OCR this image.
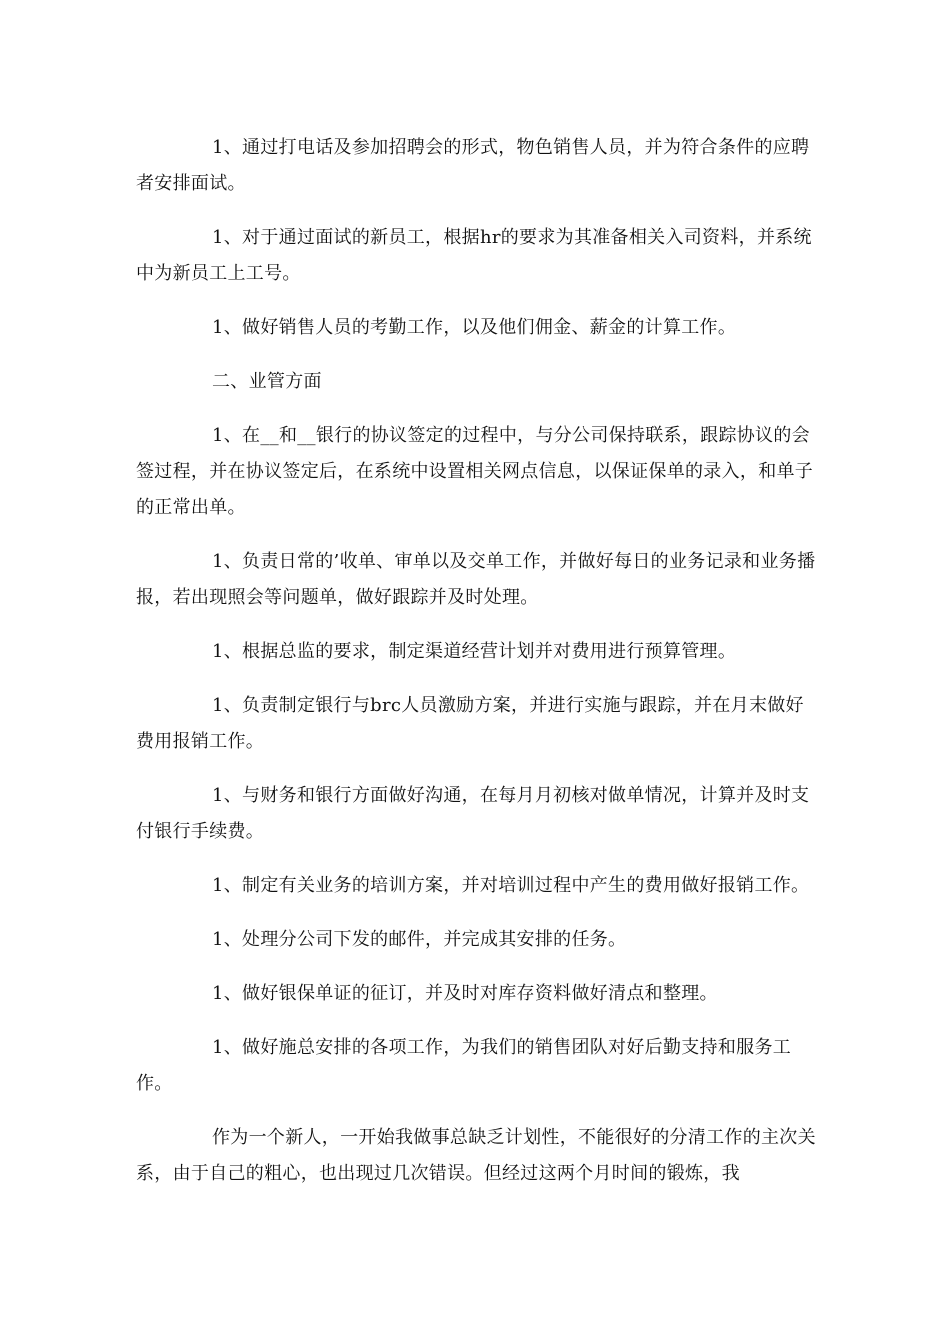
1、通过打电话及参加招聘会的形式，物色销售人员，并为符合条件的应聘者安排面试。

1、对于通过面试的新员工，根据hr的要求为其准备相关入司资料，并系统中为新员工上工号。

1、做好销售人员的考勤工作，以及他们佣金、薪金的计算工作。

二、业管方面

1、在__和__银行的协议签定的过程中，与分公司保持联系，跟踪协议的会签过程，并在协议签定后，在系统中设置相关网点信息，以保证保单的录入，和单子的正常出单。

1、负责日常的’收单、审单以及交单工作，并做好每日的业务记录和业务播报，若出现照会等问题单，做好跟踪并及时处理。

1、根据总监的要求，制定渠道经营计划并对费用进行预算管理。

1、负责制定银行与brc人员激励方案，并进行实施与跟踪，并在月末做好费用报销工作。

1、与财务和银行方面做好沟通，在每月月初核对做单情况，计算并及时支付银行手续费。

1、制定有关业务的培训方案，并对培训过程中产生的费用做好报销工作。

1、处理分公司下发的邮件，并完成其安排的任务。

1、做好银保单证的征订，并及时对库存资料做好清点和整理。

1、做好施总安排的各项工作，为我们的销售团队对好后勤支持和服务工作。

作为一个新人，一开始我做事总缺乏计划性，不能很好的分清工作的主次关系，由于自己的粗心，也出现过几次错误。但经过这两个月时间的锻炼，我
